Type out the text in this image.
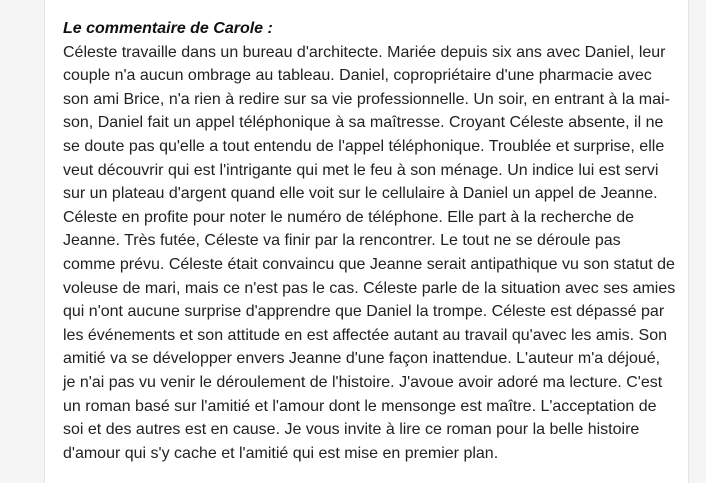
Le commentaire de Carole :
Céleste travaille dans un bureau d'architecte. Mariée depuis six ans avec Daniel, leur
couple n'a aucun ombrage au tableau. Daniel, copropriétaire d'une pharmacie avec
son ami Brice, n'a rien à redire sur sa vie professionnelle. Un soir, en entrant à la mai-
son, Daniel fait un appel téléphonique à sa maîtresse. Croyant Céleste absente, il ne
se doute pas qu'elle a tout entendu de l'appel téléphonique. Troublée et surprise, elle
veut découvrir qui est l'intrigante qui met le feu à son ménage. Un indice lui est servi
sur un plateau d'argent quand elle voit sur le cellulaire à Daniel un appel de Jeanne.
Céleste en profite pour noter le numéro de téléphone. Elle part à la recherche de
Jeanne. Très futée, Céleste va finir par la rencontrer. Le tout ne se déroule pas
comme prévu. Céleste était convaincu que Jeanne serait antipathique vu son statut de
voleuse de mari, mais ce n'est pas le cas. Céleste parle de la situation avec ses amies
qui n'ont aucune surprise d'apprendre que Daniel la trompe. Céleste est dépassé par
les événements et son attitude en est affectée autant au travail qu'avec les amis. Son
amitié va se développer envers Jeanne d'une façon inattendue. L'auteur m'a déjoué,
je n'ai pas vu venir le déroulement de l'histoire. J'avoue avoir adoré ma lecture. C'est
un roman basé sur l'amitié et l'amour dont le mensonge est maître. L'acceptation de
soi et des autres est en cause. Je vous invite à lire ce roman pour la belle histoire
d'amour qui s'y cache et l'amitié qui est mise en premier plan.
